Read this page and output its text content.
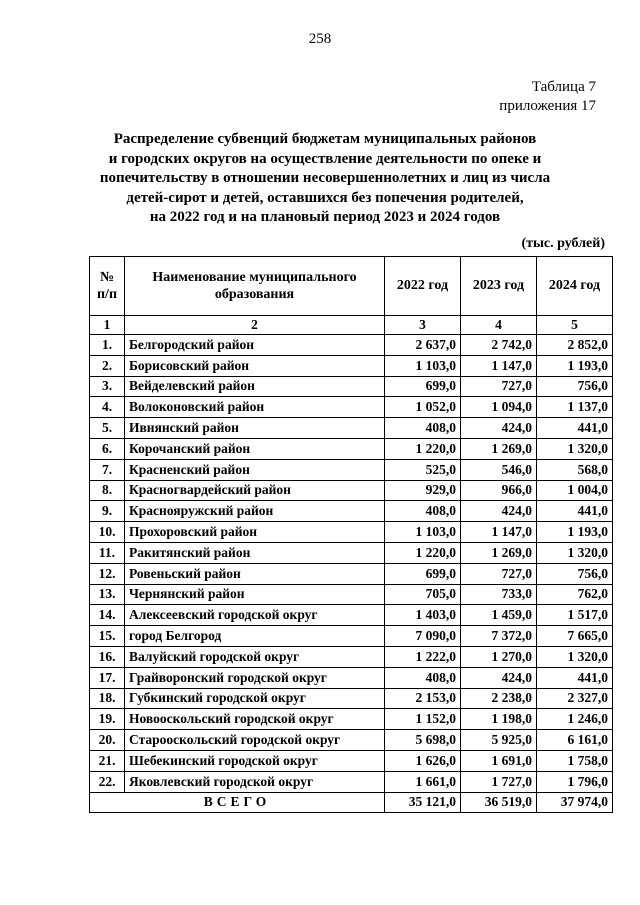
258
Таблица 7
приложения 17
Распределение субвенций бюджетам муниципальных районов
и городских округов на осуществление деятельности по опеке и
попечительству в отношении несовершеннолетних и лиц из числа
детей-сирот и детей, оставшихся без попечения родителей,
на 2022 год и на плановый период 2023 и 2024 годов
(тыс. рублей)
№ п/п	Наименование муниципального образования	2022 год	2023 год	2024 год
1	2	3	4	5
1.	Белгородский район	2 637,0	2 742,0	2 852,0
2.	Борисовский район	1 103,0	1 147,0	1 193,0
3.	Вейделевский район	699,0	727,0	756,0
4.	Волоконовский район	1 052,0	1 094,0	1 137,0
5.	Ивнянский район	408,0	424,0	441,0
6.	Корочанский район	1 220,0	1 269,0	1 320,0
7.	Красненский район	525,0	546,0	568,0
8.	Красногвардейский район	929,0	966,0	1 004,0
9.	Краснояружский район	408,0	424,0	441,0
10.	Прохоровский район	1 103,0	1 147,0	1 193,0
11.	Ракитянский район	1 220,0	1 269,0	1 320,0
12.	Ровеньский район	699,0	727,0	756,0
13.	Чернянский район	705,0	733,0	762,0
14.	Алексеевский городской округ	1 403,0	1 459,0	1 517,0
15.	город Белгород	7 090,0	7 372,0	7 665,0
16.	Валуйский городской округ	1 222,0	1 270,0	1 320,0
17.	Грайворонский городской округ	408,0	424,0	441,0
18.	Губкинский городской округ	2 153,0	2 238,0	2 327,0
19.	Новооскольский городской округ	1 152,0	1 198,0	1 246,0
20.	Старооскольский городской округ	5 698,0	5 925,0	6 161,0
21.	Шебекинский городской округ	1 626,0	1 691,0	1 758,0
22.	Яковлевский городской округ	1 661,0	1 727,0	1 796,0
ВСЕГО		35 121,0	36 519,0	37 974,0
